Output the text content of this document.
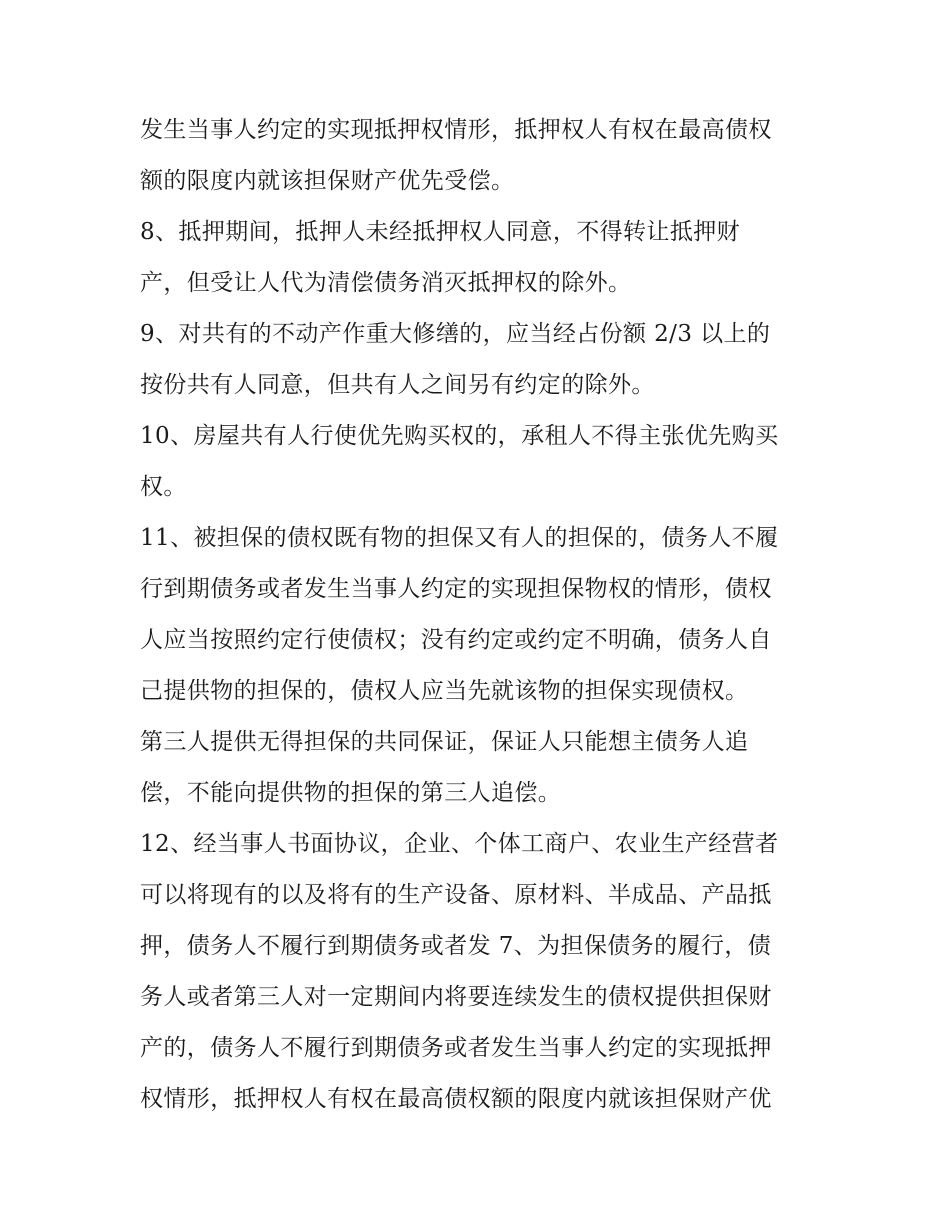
发生当事人约定的实现抵押权情形，抵押权人有权在最高债权
额的限度内就该担保财产优先受偿。
8、抵押期间，抵押人未经抵押权人同意，不得转让抵押财
产，但受让人代为清偿债务消灭抵押权的除外。
9、对共有的不动产作重大修缮的，应当经占份额 2/3 以上的
按份共有人同意，但共有人之间另有约定的除外。
10、房屋共有人行使优先购买权的，承租人不得主张优先购买
权。
11、被担保的债权既有物的担保又有人的担保的，债务人不履
行到期债务或者发生当事人约定的实现担保物权的情形，债权
人应当按照约定行使债权；没有约定或约定不明确，债务人自
己提供物的担保的，债权人应当先就该物的担保实现债权。
第三人提供无得担保的共同保证，保证人只能想主债务人追
偿，不能向提供物的担保的第三人追偿。
12、经当事人书面协议，企业、个体工商户、农业生产经营者
可以将现有的以及将有的生产设备、原材料、半成品、产品抵
押，债务人不履行到期债务或者发 7、为担保债务的履行，债
务人或者第三人对一定期间内将要连续发生的债权提供担保财
产的，债务人不履行到期债务或者发生当事人约定的实现抵押
权情形，抵押权人有权在最高债权额的限度内就该担保财产优
